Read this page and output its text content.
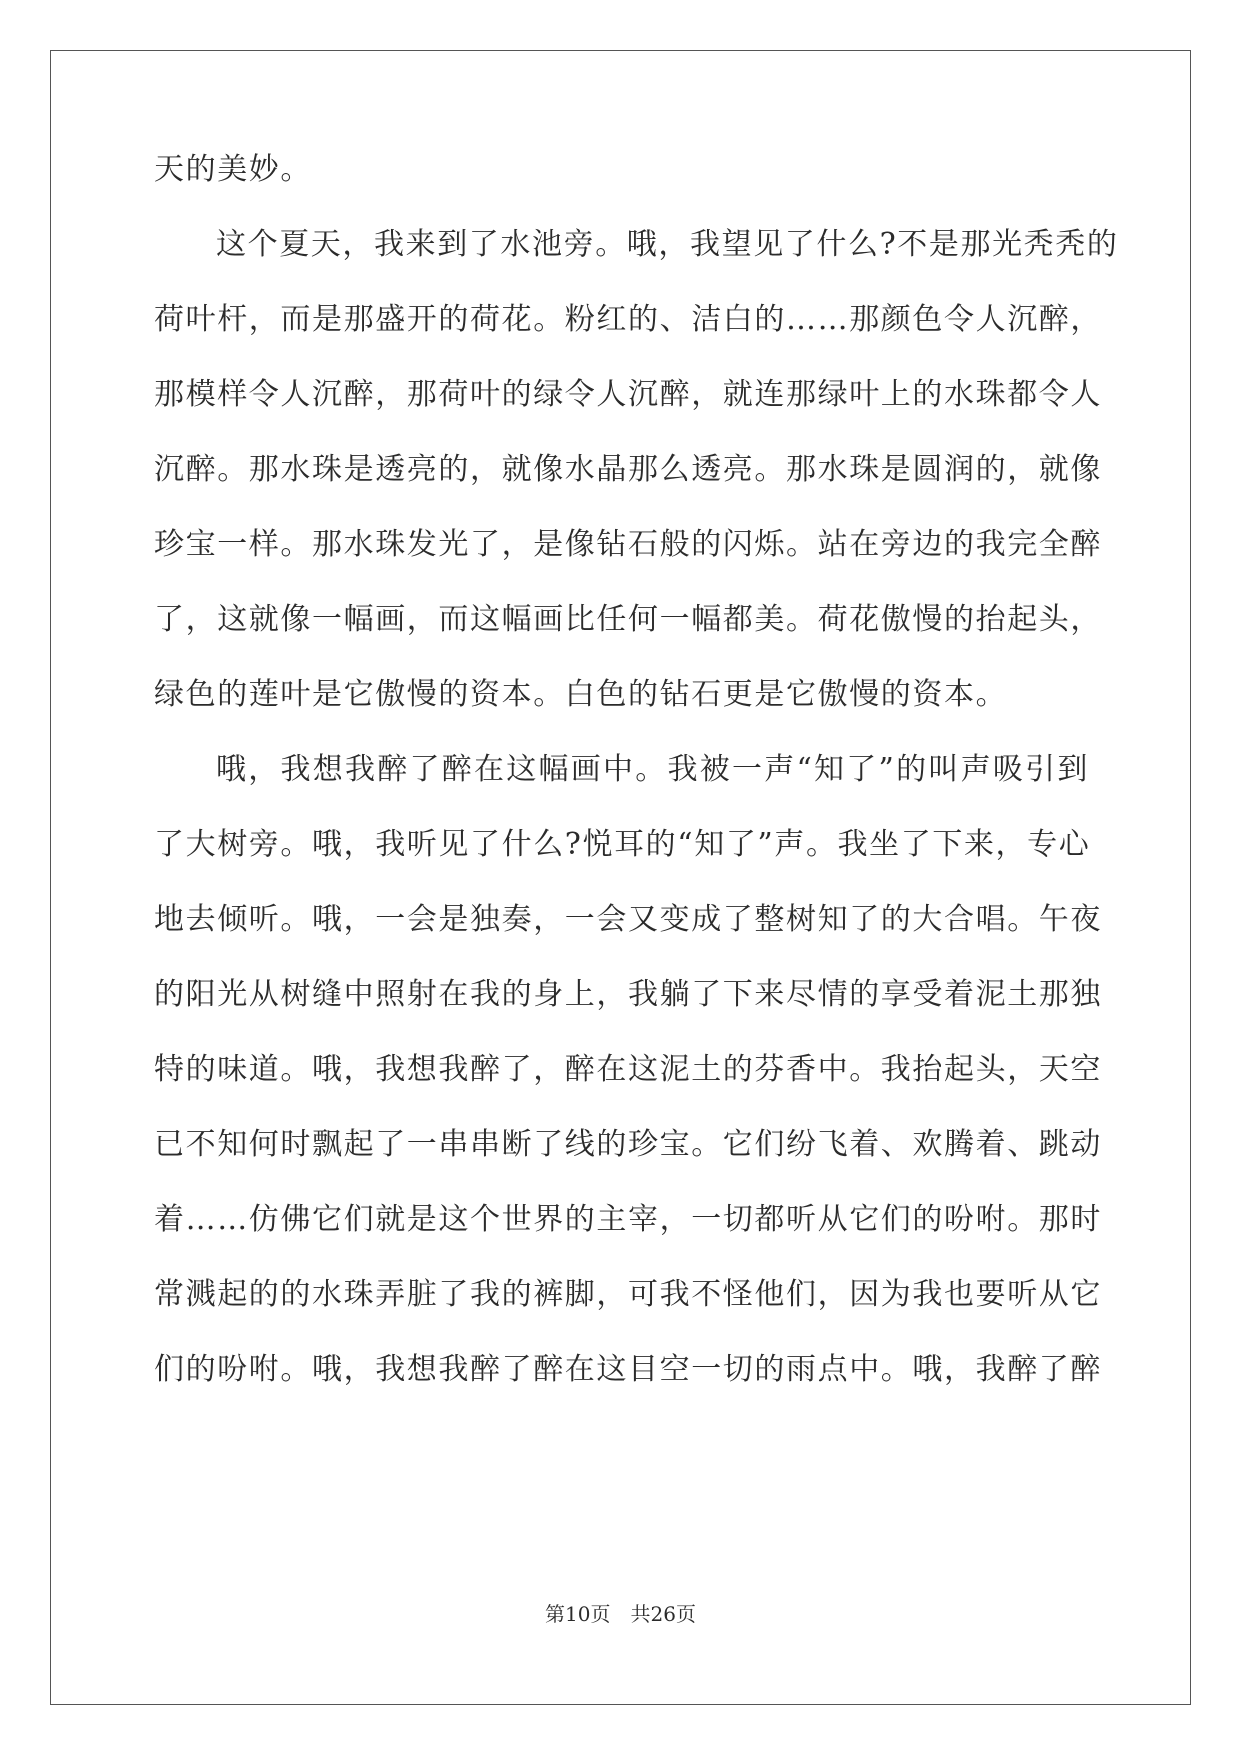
天的美妙。
这个夏天，我来到了水池旁。哦，我望见了什么?不是那光秃秃的
荷叶杆，而是那盛开的荷花。粉红的、洁白的……那颜色令人沉醉，
那模样令人沉醉，那荷叶的绿令人沉醉，就连那绿叶上的水珠都令人
沉醉。那水珠是透亮的，就像水晶那么透亮。那水珠是圆润的，就像
珍宝一样。那水珠发光了，是像钻石般的闪烁。站在旁边的我完全醉
了，这就像一幅画，而这幅画比任何一幅都美。荷花傲慢的抬起头，
绿色的莲叶是它傲慢的资本。白色的钻石更是它傲慢的资本。
哦，我想我醉了醉在这幅画中。我被一声“知了”的叫声吸引到
了大树旁。哦，我听见了什么?悦耳的“知了”声。我坐了下来，专心
地去倾听。哦，一会是独奏，一会又变成了整树知了的大合唱。午夜
的阳光从树缝中照射在我的身上，我躺了下来尽情的享受着泥土那独
特的味道。哦，我想我醉了，醉在这泥土的芬香中。我抬起头，天空
已不知何时飘起了一串串断了线的珍宝。它们纷飞着、欢腾着、跳动
着……仿佛它们就是这个世界的主宰，一切都听从它们的吩咐。那时
常溅起的的水珠弄脏了我的裤脚，可我不怪他们，因为我也要听从它
们的吩咐。哦，我想我醉了醉在这目空一切的雨点中。哦，我醉了醉
第10页　共26页
